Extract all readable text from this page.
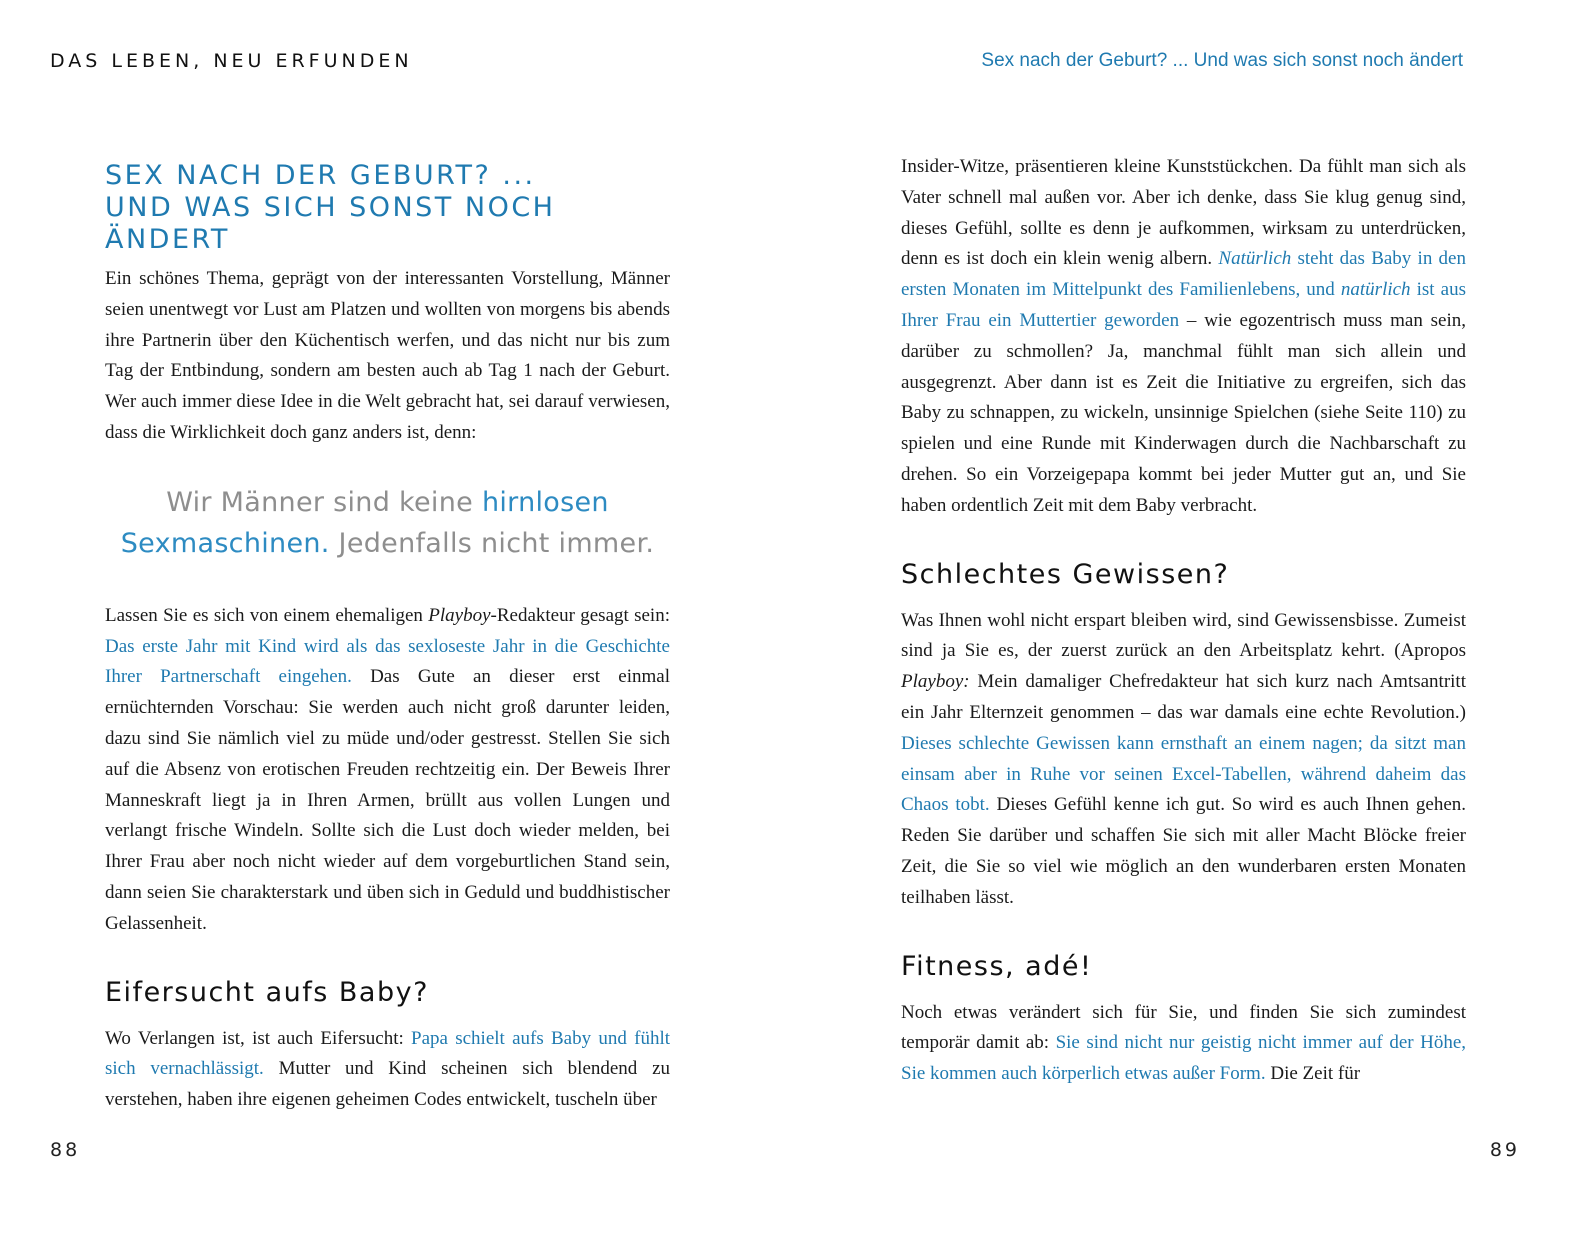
DAS LEBEN, NEU ERFUNDEN
SEX NACH DER GEBURT? ...
UND WAS SICH SONST NOCH ÄNDERT

Ein schönes Thema, geprägt von der interessanten Vorstellung, Männer seien unentwegt vor Lust am Platzen und wollten von morgens bis abends ihre Partnerin über den Küchentisch werfen, und das nicht nur bis zum Tag der Entbindung, sondern am besten auch ab Tag 1 nach der Geburt. Wer auch immer diese Idee in die Welt gebracht hat, sei darauf verwiesen, dass die Wirklichkeit doch ganz anders ist, denn:

Wir Männer sind keine hirnlosen Sexmaschinen. Jedenfalls nicht immer.

Lassen Sie es sich von einem ehemaligen Playboy-Redakteur gesagt sein: Das erste Jahr mit Kind wird als das sexloseste Jahr in die Geschichte Ihrer Partnerschaft eingehen. Das Gute an dieser erst einmal ernüchternden Vorschau: Sie werden auch nicht groß darunter leiden, dazu sind Sie nämlich viel zu müde und/oder gestresst. Stellen Sie sich auf die Absenz von erotischen Freuden rechtzeitig ein. Der Beweis Ihrer Manneskraft liegt ja in Ihren Armen, brüllt aus vollen Lungen und verlangt frische Windeln. Sollte sich die Lust doch wieder melden, bei Ihrer Frau aber noch nicht wieder auf dem vorgeburtlichen Stand sein, dann seien Sie charakterstark und üben sich in Geduld und buddhistischer Gelassenheit.

Eifersucht aufs Baby?

Wo Verlangen ist, ist auch Eifersucht: Papa schielt aufs Baby und fühlt sich vernachlässigt. Mutter und Kind scheinen sich blendend zu verstehen, haben ihre eigenen geheimen Codes entwickelt, tuscheln über

88
Sex nach der Geburt? ... Und was sich sonst noch ändert

Insider-Witze, präsentieren kleine Kunststückchen. Da fühlt man sich als Vater schnell mal außen vor. Aber ich denke, dass Sie klug genug sind, dieses Gefühl, sollte es denn je aufkommen, wirksam zu unterdrücken, denn es ist doch ein klein wenig albern. Natürlich steht das Baby in den ersten Monaten im Mittelpunkt des Familienlebens, und natürlich ist aus Ihrer Frau ein Muttertier geworden – wie egozentrisch muss man sein, darüber zu schmollen? Ja, manchmal fühlt man sich allein und ausgegrenzt. Aber dann ist es Zeit die Initiative zu ergreifen, sich das Baby zu schnappen, zu wickeln, unsinnige Spielchen (siehe Seite 110) zu spielen und eine Runde mit Kinderwagen durch die Nachbarschaft zu drehen. So ein Vorzeigepapa kommt bei jeder Mutter gut an, und Sie haben ordentlich Zeit mit dem Baby verbracht.

Schlechtes Gewissen?

Was Ihnen wohl nicht erspart bleiben wird, sind Gewissensbisse. Zumeist sind ja Sie es, der zuerst zurück an den Arbeitsplatz kehrt. (Apropos Playboy: Mein damaliger Chefredakteur hat sich kurz nach Amtsantritt ein Jahr Elternzeit genommen – das war damals eine echte Revolution.) Dieses schlechte Gewissen kann ernsthaft an einem nagen; da sitzt man einsam aber in Ruhe vor seinen Excel-Tabellen, während daheim das Chaos tobt. Dieses Gefühl kenne ich gut. So wird es auch Ihnen gehen. Reden Sie darüber und schaffen Sie sich mit aller Macht Blöcke freier Zeit, die Sie so viel wie möglich an den wunderbaren ersten Monaten teilhaben lässt.

Fitness, adé!

Noch etwas verändert sich für Sie, und finden Sie sich zumindest temporär damit ab: Sie sind nicht nur geistig nicht immer auf der Höhe, Sie kommen auch körperlich etwas außer Form. Die Zeit für

89
